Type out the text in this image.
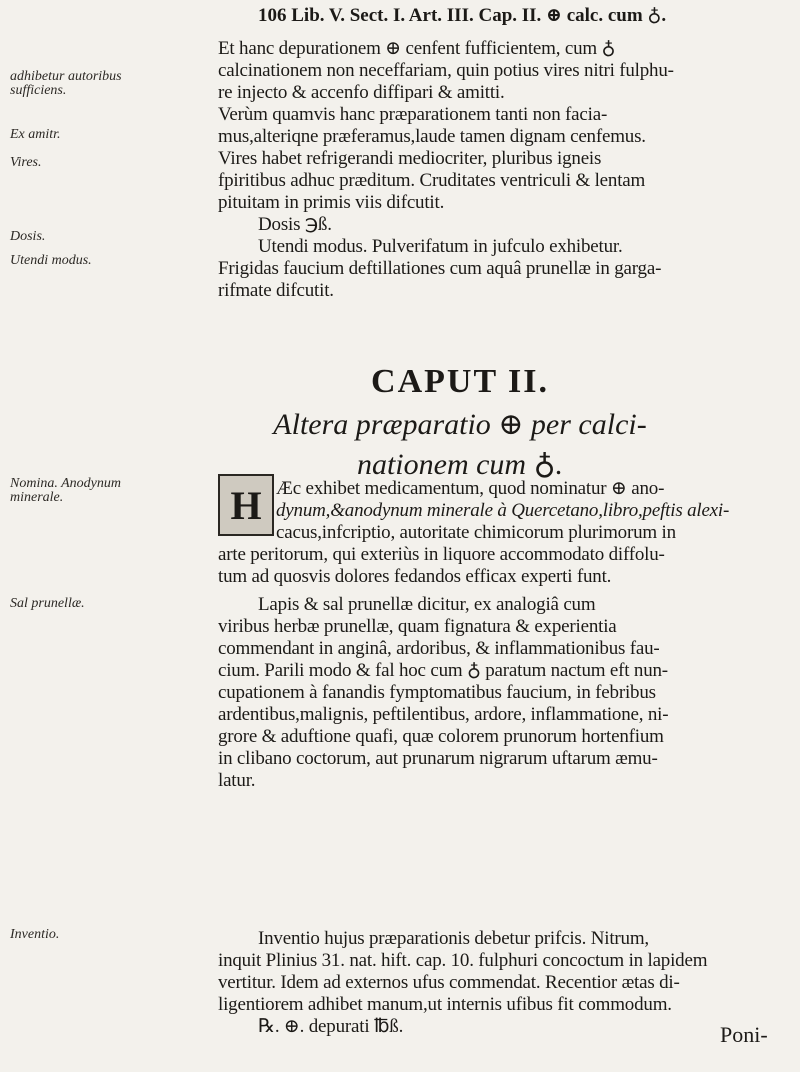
106 Lib. V. Sect. I. Art. III. Cap. II. ⊕ calc. cum ♁.
adhibetur autoribus sufficiens.
Ex amitr.
Vires.
Dosis.
Utendi modus.
Nomina. Anodynum minerale.
Sal prunellæ.
Inventio.
Et hanc depurationem ⊕ cenfent fufficientem, cum ♁
calcinationem non neceffariam, quin potius vires nitri fulphu-
re injecto & accenfo diffipari & amitti.
Verùm quamvis hanc præparationem tanti non facia-
mus,alteriqne præferamus,laude tamen dignam cenfemus.
Vires habet refrigerandi mediocriter, pluribus igneis
fpiritibus adhuc præditum. Cruditates ventriculi & lentam
pituitam in primis viis difcutit.
Dosis ℈ß.
Utendi modus. Pulverifatum in jufculo exhibetur.
Frigidas faucium deftillationes cum aquâ prunellæ in garga-
rifmate difcutit.
CAPUT II.
Altera præparatio ⊕ per calci-
nationem cum ♁.
H Æc exhibet medicamentum, quod nominatur ⊕ ano-
dynum,&anodynum minerale à Quercetano,libro,peftis alexi-
cacus,infcriptio, autoritate chimicorum plurimorum in
arte peritorum, qui exteriùs in liquore accommodato diffolu-
tum ad quosvis dolores fedandos efficax experti funt.
Lapis & sal prunellæ dicitur, ex analogiâ cum
viribus herbæ prunellæ, quam fignatura & experientia
commendant in anginâ, ardoribus, & inflammationibus fau-
cium. Parili modo & fal hoc cum ♁ paratum nactum eft nun-
cupationem à fanandis fymptomatibus faucium, in febribus
ardentibus,malignis, peftilentibus, ardore, inflammatione, ni-
grore & aduftione quafi, quæ colorem prunorum hortenfium
in clibano coctorum, aut prunarum nigrarum uftarum æmu-
latur.
Inventio hujus præparationis debetur prifcis. Nitrum,
inquit Plinius 31. nat. hift. cap. 10. fulphuri concoctum in lapidem
vertitur. Idem ad externos ufus commendat. Recentior ætas di-
ligentiorem adhibet manum,ut internis ufibus fit commodum.
℞. ⊕. depurati ℔ß.	Poni-
